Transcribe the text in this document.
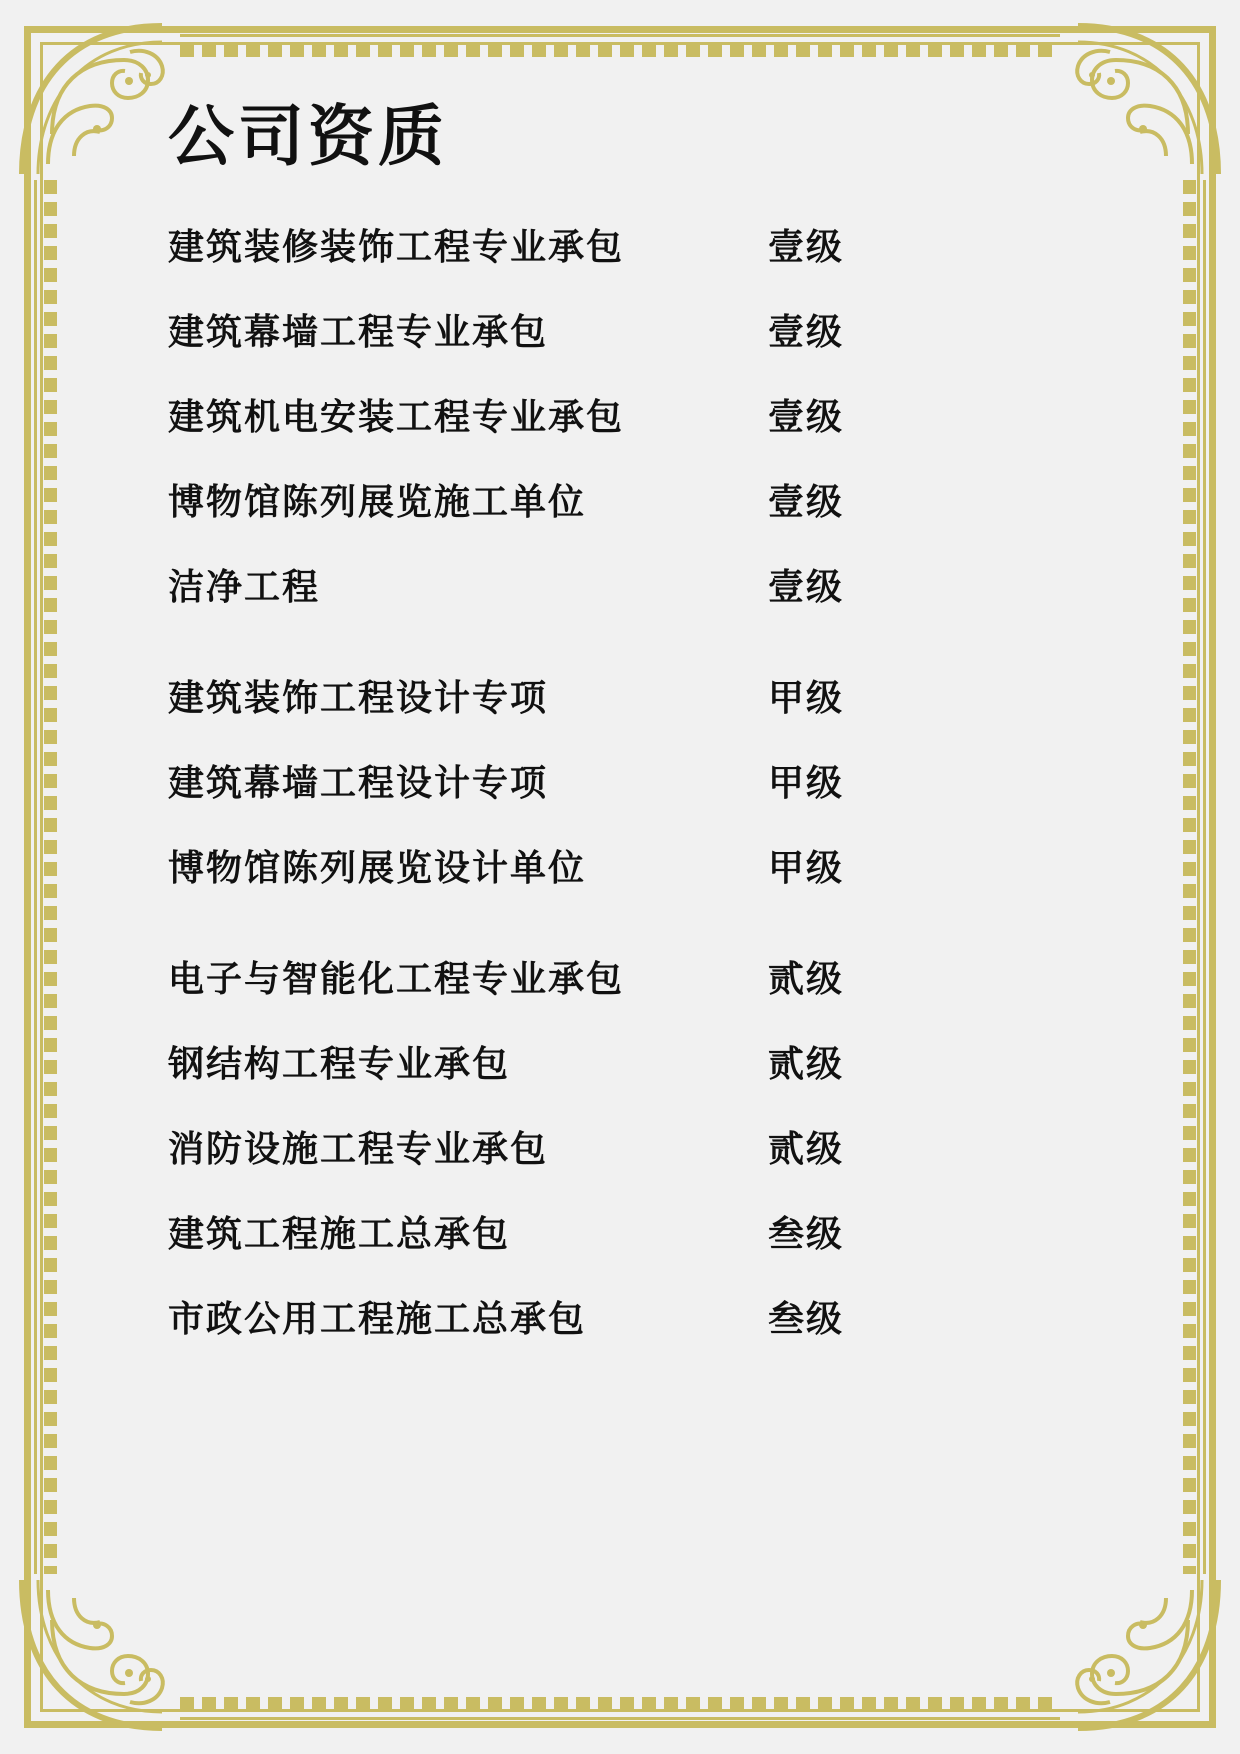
公司资质
建筑装修装饰工程专业承包	壹级
建筑幕墙工程专业承包	壹级
建筑机电安装工程专业承包	壹级
博物馆陈列展览施工单位	壹级
洁净工程	壹级
建筑装饰工程设计专项	甲级
建筑幕墙工程设计专项	甲级
博物馆陈列展览设计单位	甲级
电子与智能化工程专业承包	贰级
钢结构工程专业承包	贰级
消防设施工程专业承包	贰级
建筑工程施工总承包	叁级
市政公用工程施工总承包	叁级
